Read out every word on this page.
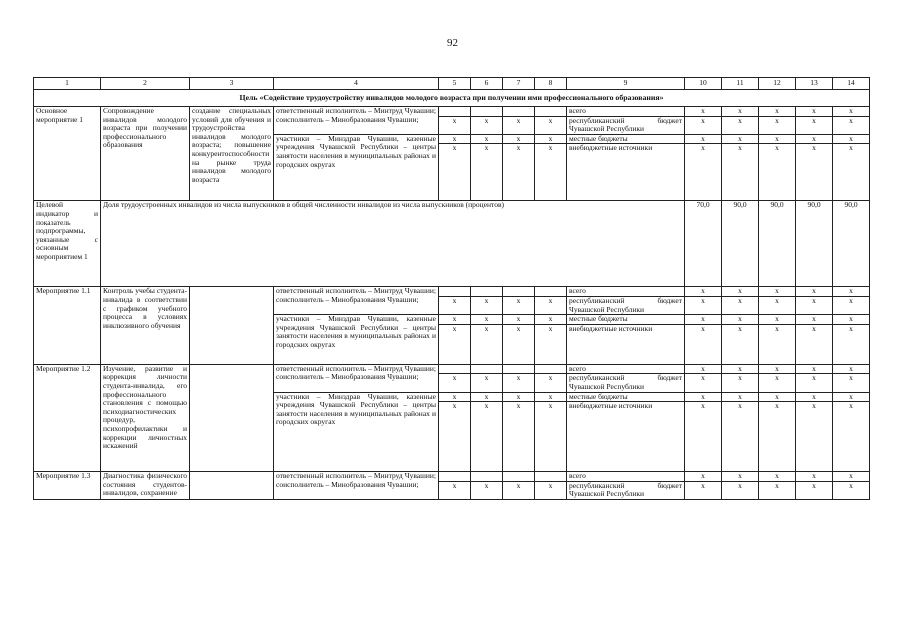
92
1	2	3	4	5	6	7	8	9	10	11	12	13	14
Цель «Содействие трудоустройству инвалидов молодого возраста при получении ими профессионального образования»													
Основное мероприятие 1	Сопровождение инвалидов молодого возраста при получении профессионального образования	создание специальных условий для обучения и трудоустройства инвалидов молодого возраста; повышение конкурентоспособности на рынке труда инвалидов молодого возраста	ответственный исполнитель – Минтруд Чувашии; соисполнитель – Минобразования Чувашии;					всего	x	x	x	x	x
				x	x	x	x	республиканский бюджет Чувашской Республики	x	x	x	x	x
			участники – Минздрав Чувашии, казенные учреждения Чувашской Республики – центры занятости населения в муниципальных районах и городских округах	x	x	x	x	местные бюджеты	x	x	x	x	x
				x	x	x	x	внебюджетные источники	x	x	x	x	x
Целевой индикатор и показатель подпрограммы, увязанные с основным мероприятием 1	Доля трудоустроенных инвалидов из числа выпускников в общей численности инвалидов из числа выпускников (процентов)								70,0	90,0	90,0	90,0	90,0
Мероприятие 1.1	Контроль учебы студента-инвалида в соответствии с графиком учебного процесса в условиях инклюзивного обучения		ответственный исполнитель – Минтруд Чувашии; соисполнитель – Минобразования Чувашии;					всего	x	x	x	x	x
				x	x	x	x	республиканский бюджет Чувашской Республики	x	x	x	x	x
			участники – Минздрав Чувашии, казенные учреждения Чувашской Республики – центры занятости населения в муниципальных районах и городских округах	x	x	x	x	местные бюджеты	x	x	x	x	x
				x	x	x	x	внебюджетные источники	x	x	x	x	x
Мероприятие 1.2	Изучение, развитие и коррекция личности студента-инвалида, его профессионального становления с помощью психодиагностических процедур, психопрофилактики и коррекции личностных искажений		ответственный исполнитель – Минтруд Чувашии; соисполнитель – Минобразования Чувашии;					всего	x	x	x	x	x
				x	x	x	x	республиканский бюджет Чувашской Республики	x	x	x	x	x
			участники – Минздрав Чувашии, казенные учреждения Чувашской Республики – центры занятости населения в муниципальных районах и городских округах	x	x	x	x	местные бюджеты	x	x	x	x	x
				x	x	x	x	внебюджетные источники	x	x	x	x	x
Мероприятие 1.3	Диагностика физического состояния студентов-инвалидов, сохранение		ответственный исполнитель – Минтруд Чувашии; соисполнитель – Минобразования Чувашии;					всего	x	x	x	x	x
				x	x	x	x	республиканский бюджет Чувашской Республики	x	x	x	x	x
